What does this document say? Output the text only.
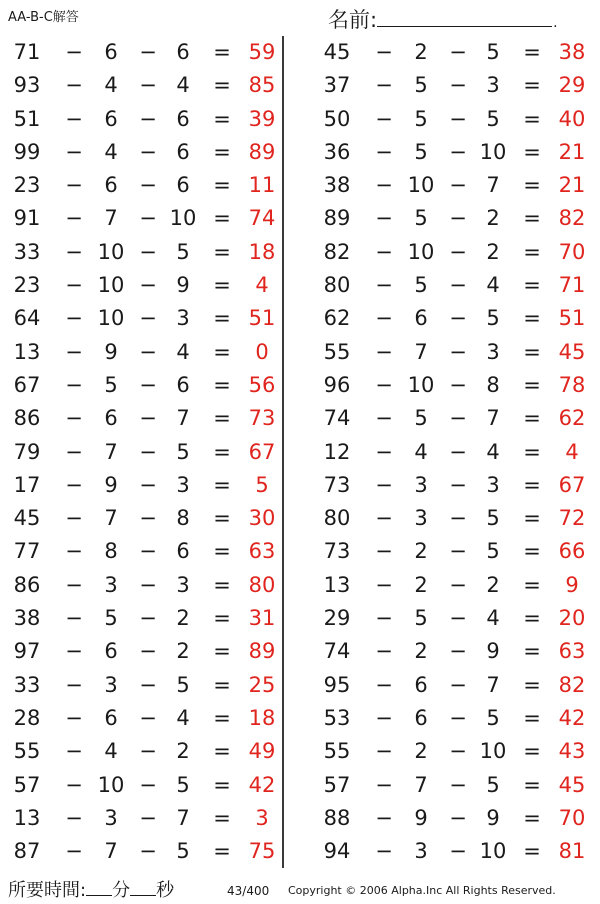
AA-B-C解答	名前:	.
71	−	6	− 6	= 59
93	−	4	− 4	= 85
51	−	6	− 6	= 39
99	−	4	− 6	= 89
23	−	6	− 6	= 11
91	−	7	− 10 = 74
33	− 10 − 5	= 18
23	− 10 − 9	=	4
64	− 10 − 3	= 51
13	−	9	− 4	=	0
67	−	5	− 6	= 56
86	−	6	− 7	= 73
79	−	7	− 5	= 67
17	−	9	− 3	=	5
45	−	7	− 8	= 30
77	−	8	− 6	= 63
86	−	3	− 3	= 80
38	−	5	− 2	= 31
97	−	6	− 2	= 89
33	−	3	− 5	= 25
28	−	6	− 4	= 18
55	−	4	− 2	= 49
57	− 10 − 5	= 42
13	−	3	− 7	=	3
87	−	7	− 5	= 75
45	−	2	− 5	= 38
37	−	5	− 3	= 29
50	−	5	− 5	= 40
36	−	5	− 10 = 21
38	− 10 − 7	= 21
89	−	5	− 2	= 82
82	− 10 − 2	= 70
80	−	5	− 4	= 71
62	−	6	− 5	= 51
55	−	7	− 3	= 45
96	− 10 − 8	= 78
74	−	5	− 7	= 62
12	−	4	− 4	=	4
73	−	3	− 3	= 67
80	−	3	− 5	= 72
73	−	2	− 5	= 66
13	−	2	− 2	=	9
29	−	5	− 4	= 20
74	−	2	− 9	= 63
95	−	6	− 7	= 82
53	−	6	− 5	= 42
55	−	2	− 10 = 43
57	−	7	− 5	= 45
88	−	9	− 9	= 70
94	−	3	− 10 = 81
所要時間: 分 秒	43/400 Copyright © 2006 Alpha.Inc All Rights Reserved.
